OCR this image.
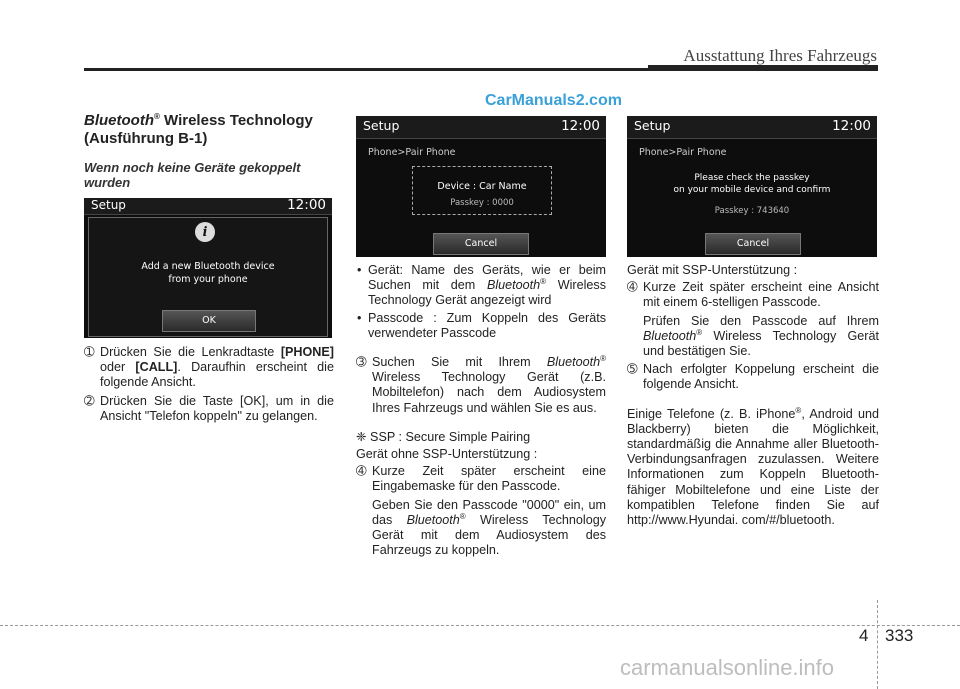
Ausstattung Ihres Fahrzeugs
CarManuals2.com
Bluetooth® Wireless Technology
(Ausführung B-1)
Wenn noch keine Geräte gekoppelt wurden
Setup	12:00
i
Add a new Bluetooth device
from your phone
OK
➀ Drücken Sie die Lenkradtaste [PHONE] oder [CALL]. Daraufhin erscheint die folgende Ansicht.
➁ Drücken Sie die Taste [OK], um in die Ansicht "Telefon koppeln" zu gelangen.
Setup	12:00
Phone>Pair Phone
Device : Car Name
Passkey : 0000
Cancel
• Gerät: Name des Geräts, wie er beim Suchen mit dem Bluetooth® Wireless Technology Gerät angezeigt wird
• Passcode : Zum Koppeln des Geräts verwendeter Passcode
➂ Suchen Sie mit Ihrem Bluetooth® Wireless Technology Gerät (z.B. Mobiltelefon) nach dem Audiosystem Ihres Fahrzeugs und wählen Sie es aus.
❈ SSP : Secure Simple Pairing
Gerät ohne SSP-Unterstützung :
➃ Kurze Zeit später erscheint eine Eingabemaske für den Passcode.
Geben Sie den Passcode "0000" ein, um das Bluetooth® Wireless Technology Gerät mit dem Audiosystem des Fahrzeugs zu koppeln.
Setup	12:00
Phone>Pair Phone
Please check the passkey
on your mobile device and confirm
Passkey : 743640
Cancel
Gerät mit SSP-Unterstützung :
➃ Kurze Zeit später erscheint eine Ansicht mit einem 6-stelligen Passcode.
Prüfen Sie den Passcode auf Ihrem Bluetooth® Wireless Technology Gerät und bestätigen Sie.
➄ Nach erfolgter Koppelung erscheint die folgende Ansicht.
Einige Telefone (z. B. iPhone®, Android und Blackberry) bieten die Möglichkeit, standardmäßig die Annahme aller Bluetooth-Verbindungsanfragen zuzulassen. Weitere Informationen zum Koppeln Bluetooth-fähiger Mobiltelefone und eine Liste der kompatiblen Telefone finden Sie auf http://www.Hyundai. com/#/bluetooth.
4 333
carmanualsonline.info
